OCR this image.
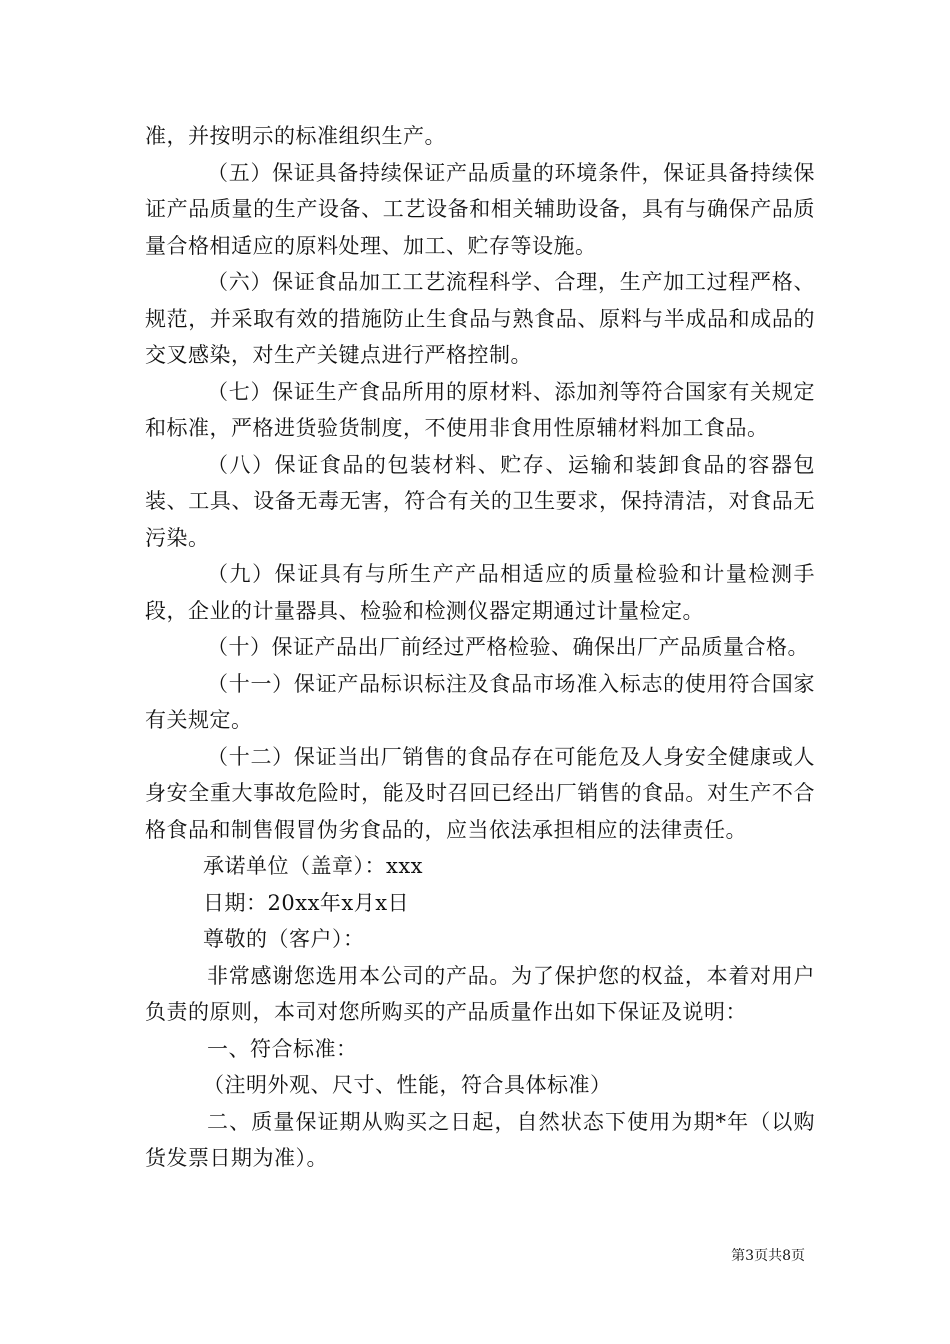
准，并按明示的标准组织生产。

（五）保证具备持续保证产品质量的环境条件，保证具备持续保证产品质量的生产设备、工艺设备和相关辅助设备，具有与确保产品质量合格相适应的原料处理、加工、贮存等设施。

（六）保证食品加工工艺流程科学、合理，生产加工过程严格、规范，并采取有效的措施防止生食品与熟食品、原料与半成品和成品的交叉感染，对生产关键点进行严格控制。

（七）保证生产食品所用的原材料、添加剂等符合国家有关规定和标准，严格进货验货制度，不使用非食用性原辅材料加工食品。

（八）保证食品的包装材料、贮存、运输和装卸食品的容器包装、工具、设备无毒无害，符合有关的卫生要求，保持清洁，对食品无污染。

（九）保证具有与所生产产品相适应的质量检验和计量检测手段，企业的计量器具、检验和检测仪器定期通过计量检定。

（十）保证产品出厂前经过严格检验、确保出厂产品质量合格。

（十一）保证产品标识标注及食品市场准入标志的使用符合国家有关规定。

（十二）保证当出厂销售的食品存在可能危及人身安全健康或人身安全重大事故危险时，能及时召回已经出厂销售的食品。对生产不合格食品和制售假冒伪劣食品的，应当依法承担相应的法律责任。

承诺单位（盖章）：xxx

日期：20xx年x月x日

尊敬的（客户）：

非常感谢您选用本公司的产品。为了保护您的权益，本着对用户负责的原则，本司对您所购买的产品质量作出如下保证及说明：

一、符合标准：

（注明外观、尺寸、性能，符合具体标准）

二、质量保证期从购买之日起，自然状态下使用为期*年（以购货发票日期为准）。

第3页共8页
